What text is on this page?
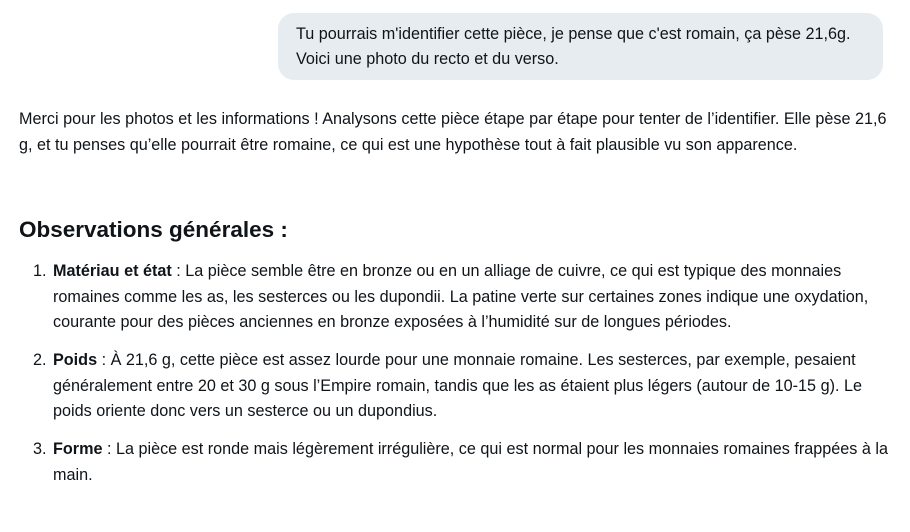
Tu pourrais m'identifier cette pièce, je pense que c'est romain, ça pèse 21,6g. Voici une photo du recto et du verso.

Merci pour les photos et les informations ! Analysons cette pièce étape par étape pour tenter de l’identifier. Elle pèse 21,6 g, et tu penses qu’elle pourrait être romaine, ce qui est une hypothèse tout à fait plausible vu son apparence.

Observations générales :
1. Matériau et état : La pièce semble être en bronze ou en un alliage de cuivre, ce qui est typique des monnaies romaines comme les as, les sesterces ou les dupondii. La patine verte sur certaines zones indique une oxydation, courante pour des pièces anciennes en bronze exposées à l’humidité sur de longues périodes.
2. Poids : À 21,6 g, cette pièce est assez lourde pour une monnaie romaine. Les sesterces, par exemple, pesaient généralement entre 20 et 30 g sous l’Empire romain, tandis que les as étaient plus légers (autour de 10-15 g). Le poids oriente donc vers un sesterce ou un dupondius.
3. Forme : La pièce est ronde mais légèrement irrégulière, ce qui est normal pour les monnaies romaines frappées à la main.
